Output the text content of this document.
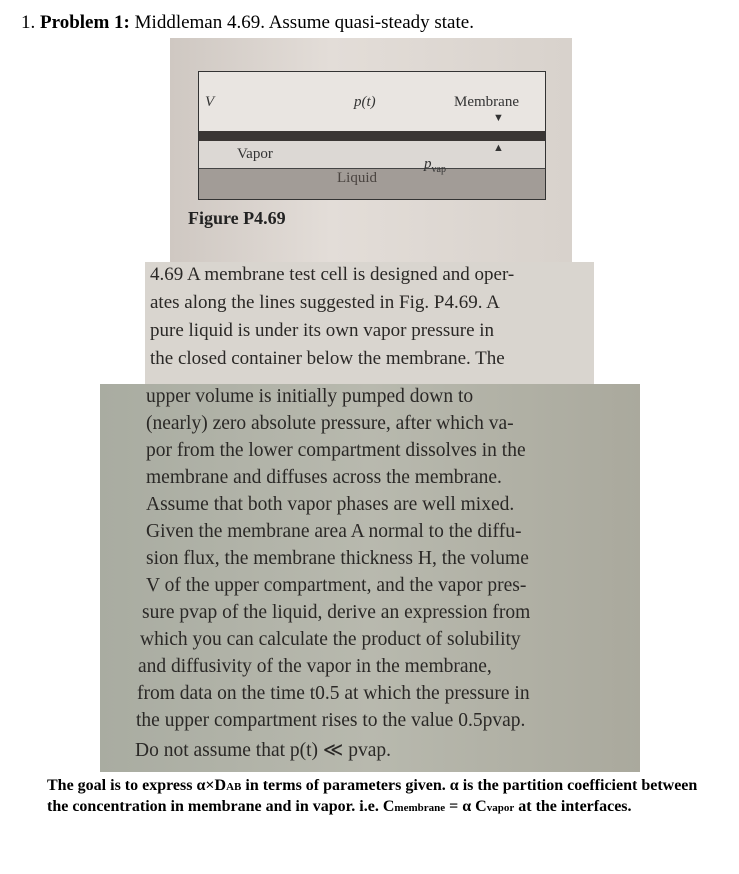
1. Problem 1: Middleman 4.69. Assume quasi-steady state.
V	p(t)	Membrane
Vapor
Liquid
$p_{vap}$
▼
▲
Figure P4.69
4.69 A membrane test cell is designed and oper-
ates along the lines suggested in Fig. P4.69. A
pure liquid is under its own vapor pressure in
the closed container below the membrane. The
upper volume is initially pumped down to
(nearly) zero absolute pressure, after which va-
por from the lower compartment dissolves in the
membrane and diffuses across the membrane.
Assume that both vapor phases are well mixed.
Given the membrane area A normal to the diffu-
sion flux, the membrane thickness H, the volume
V of the upper compartment, and the vapor pres-
sure pvap of the liquid, derive an expression from
which you can calculate the product of solubility
and diffusivity of the vapor in the membrane,
from data on the time t0.5 at which the pressure in
the upper compartment rises to the value 0.5pvap.
Do not assume that p(t) ≪ pvap.
The goal is to express α×DAB in terms of parameters given. α is the partition coefficient between the concentration in membrane and in vapor. i.e. Cmembrane = α Cvapor at the interfaces.
